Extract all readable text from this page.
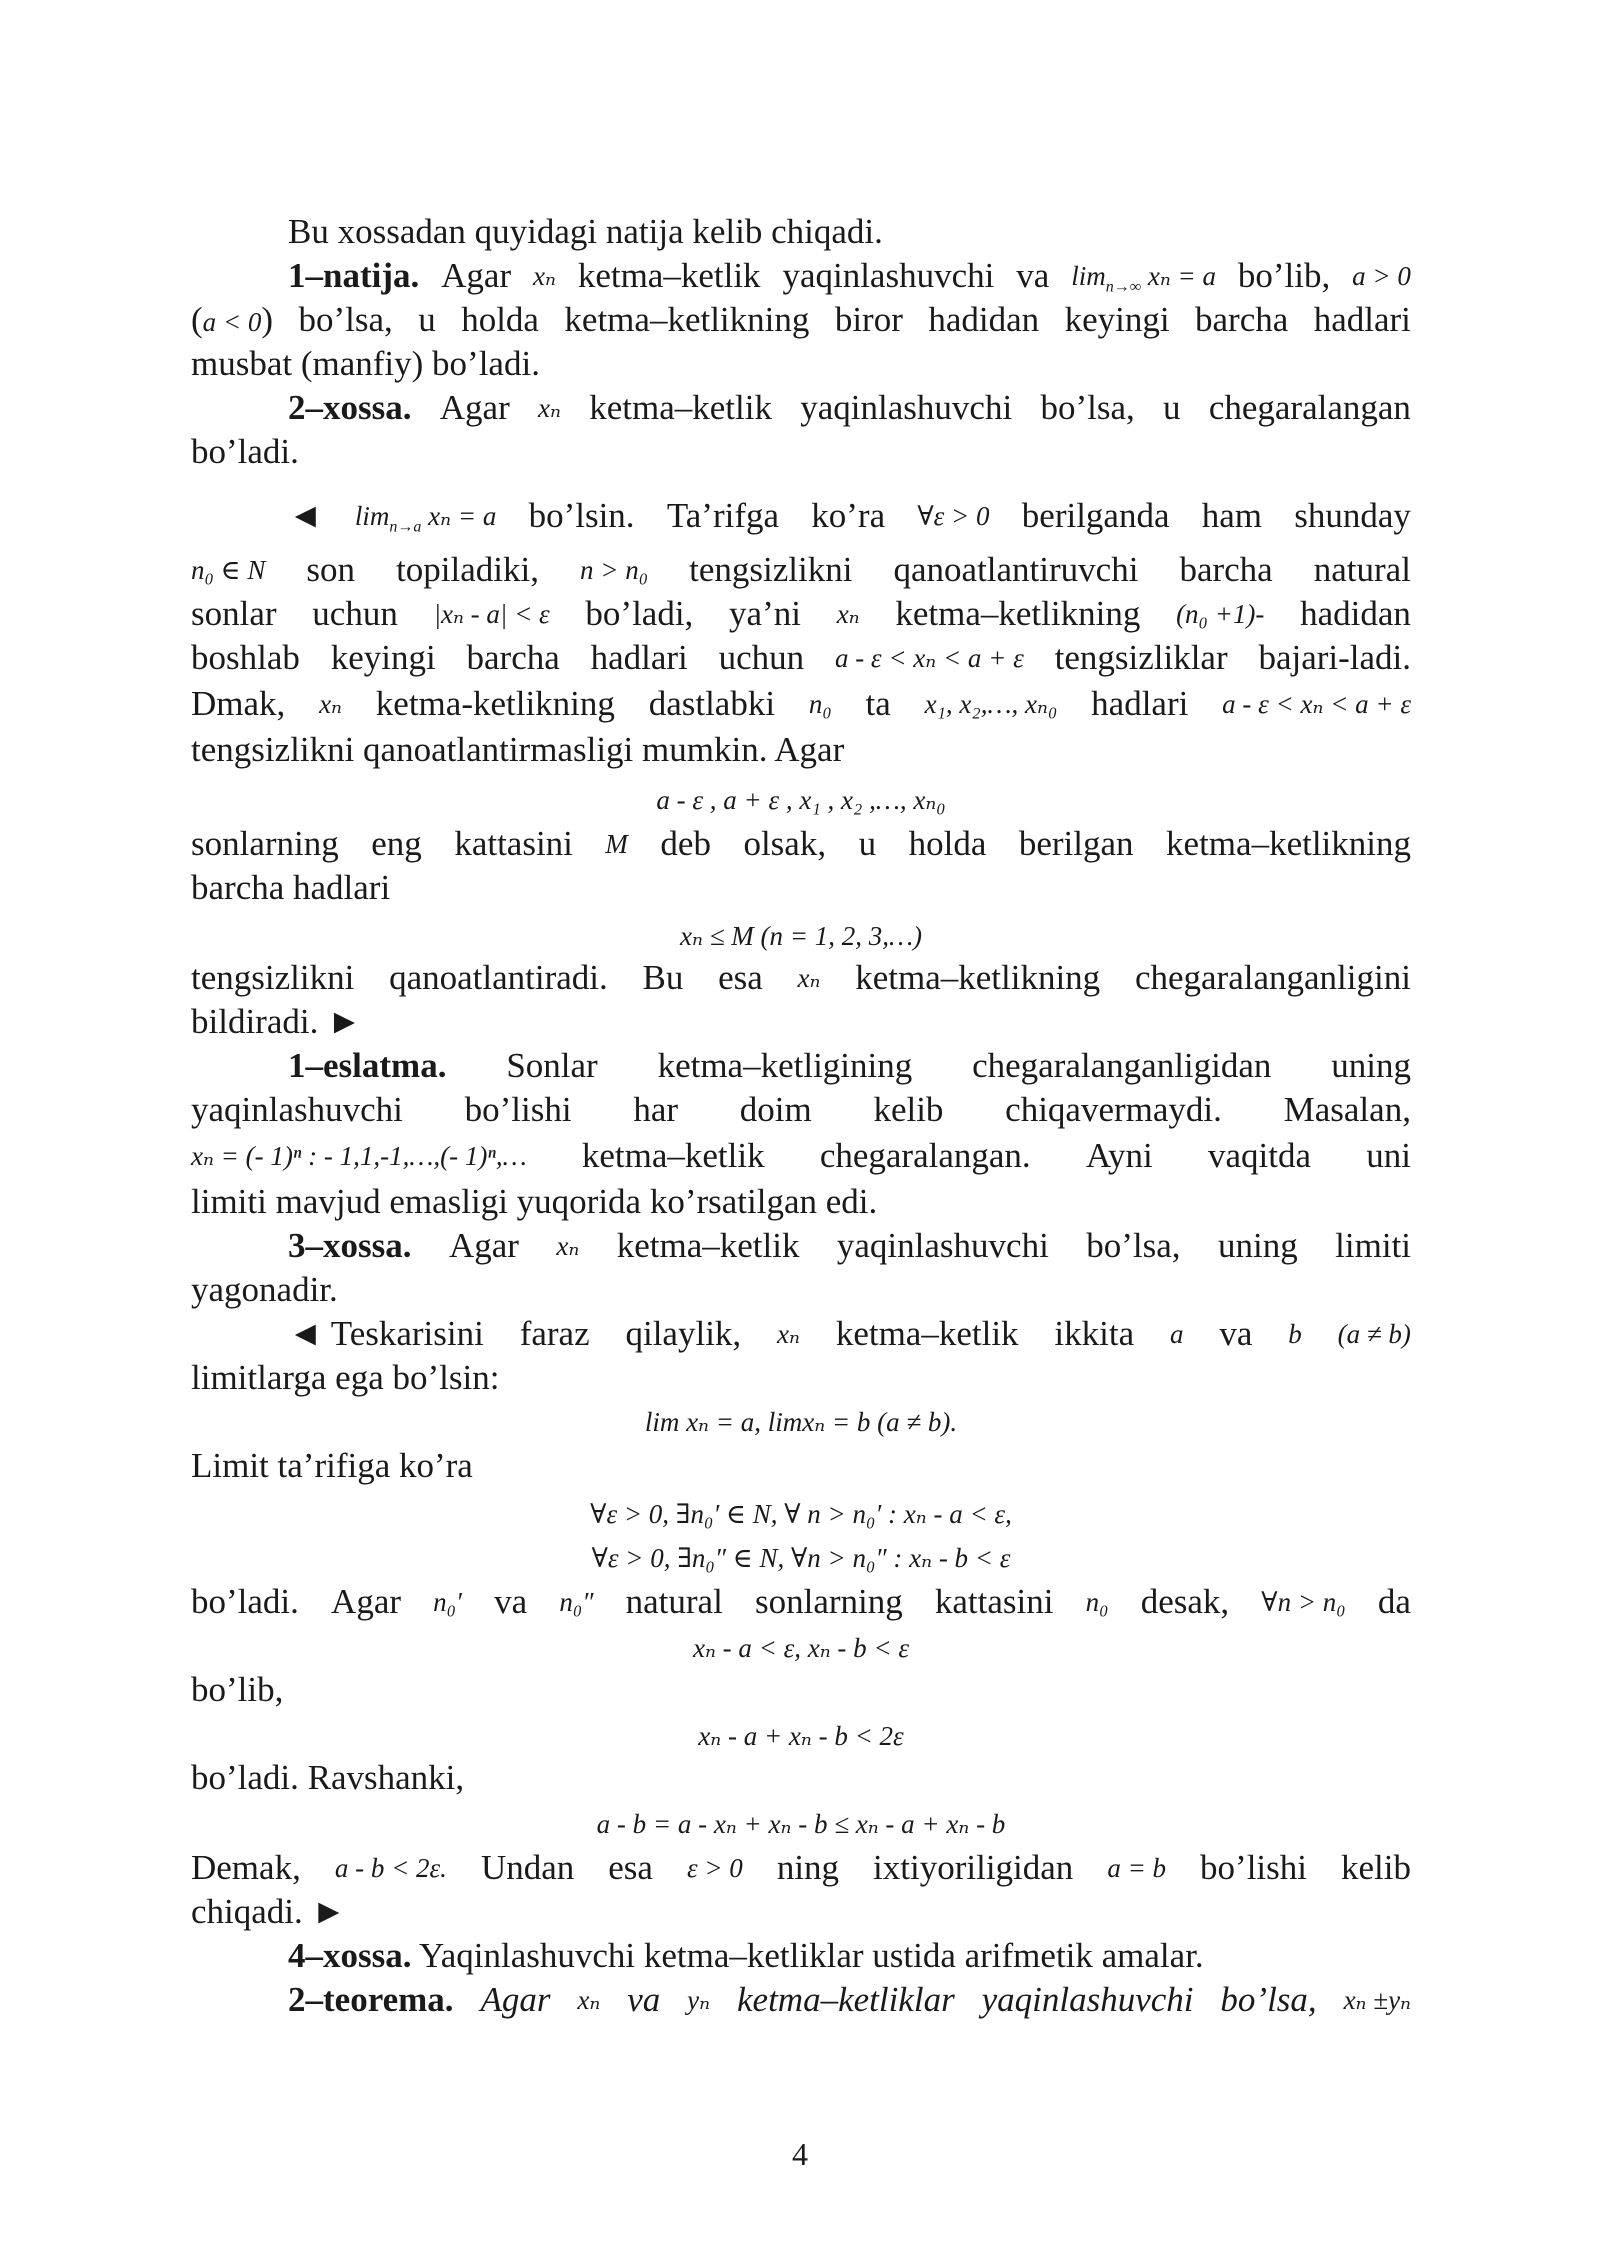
Bu xossadan quyidagi natija kelib chiqadi.
1–natija. Agar xₙ ketma–ketlik yaqinlashuvchi va $\lim_{n\to\infty} x_n = a$ bo’lib, a > 0
(a < 0) bo’lsa, u holda ketma–ketlikning biror hadidan keyingi barcha hadlari
musbat (manfiy) bo’ladi.
2–xossa. Agar xₙ ketma–ketlik yaqinlashuvchi bo’lsa, u chegaralangan
bo’ladi.
◄ $\lim_{n\to a} x_n = a$ bo’lsin. Ta’rifga ko’ra ∀ε > 0 berilganda ham shunday
n₀ ∈ N son topiladiki, n > n₀ tengsizlikni qanoatlantiruvchi barcha natural
sonlar uchun |xₙ - a| < ε bo’ladi, ya’ni xₙ ketma–ketlikning (n₀ +1)- hadidan
boshlab keyingi barcha hadlari uchun a - ε < xₙ < a + ε tengsizliklar bajari-ladi.
Dmak, xₙ ketma-ketlikning dastlabki n₀ ta x₁, x₂,…, xₙ₀ hadlari a - ε < xₙ < a + ε
tengsizlikni qanoatlantirmasligi mumkin. Agar
a - ε , a + ε , x₁ , x₂ ,…, xₙ₀
sonlarning eng kattasini M deb olsak, u holda berilgan ketma–ketlikning
barcha hadlari
xₙ ≤ M (n = 1, 2, 3,…)
tengsizlikni qanoatlantiradi. Bu esa xₙ ketma–ketlikning chegaralanganligini
bildiradi. ►
1–eslatma. Sonlar ketma–ketligining chegaralanganligidan uning
yaqinlashuvchi bo’lishi har doim kelib chiqavermaydi. Masalan,
xₙ = (- 1)ⁿ : - 1,1,-1,…,(- 1)ⁿ,… ketma–ketlik chegaralangan. Ayni vaqitda uni
limiti mavjud emasligi yuqorida ko’rsatilgan edi.
3–xossa. Agar xₙ ketma–ketlik yaqinlashuvchi bo’lsa, uning limiti
yagonadir.
◄ Teskarisini faraz qilaylik, xₙ ketma–ketlik ikkita a va b (a ≠ b)
limitlarga ega bo’lsin:
lim xₙ = a, limxₙ = b (a ≠ b).
Limit ta’rifiga ko’ra
∀ε > 0, ∃n₀′ ∈ N, ∀ n > n₀′ : xₙ - a < ε,
∀ε > 0, ∃n₀″ ∈ N, ∀n > n₀″ : xₙ - b < ε
bo’ladi. Agar n₀′ va n₀″ natural sonlarning kattasini n₀ desak, ∀n > n₀ da
xₙ - a < ε, xₙ - b < ε
bo’lib,
xₙ - a + xₙ - b < 2ε
bo’ladi. Ravshanki,
a - b = a - xₙ + xₙ - b ≤ xₙ - a + xₙ - b
Demak, a - b < 2ε. Undan esa ε > 0 ning ixtiyoriligidan a = b bo’lishi kelib
chiqadi. ►
4–xossa. Yaqinlashuvchi ketma–ketliklar ustida arifmetik amalar.
2–teorema. Agar xₙ va yₙ ketma–ketliklar yaqinlashuvchi bo’lsa, xₙ ±yₙ
4
